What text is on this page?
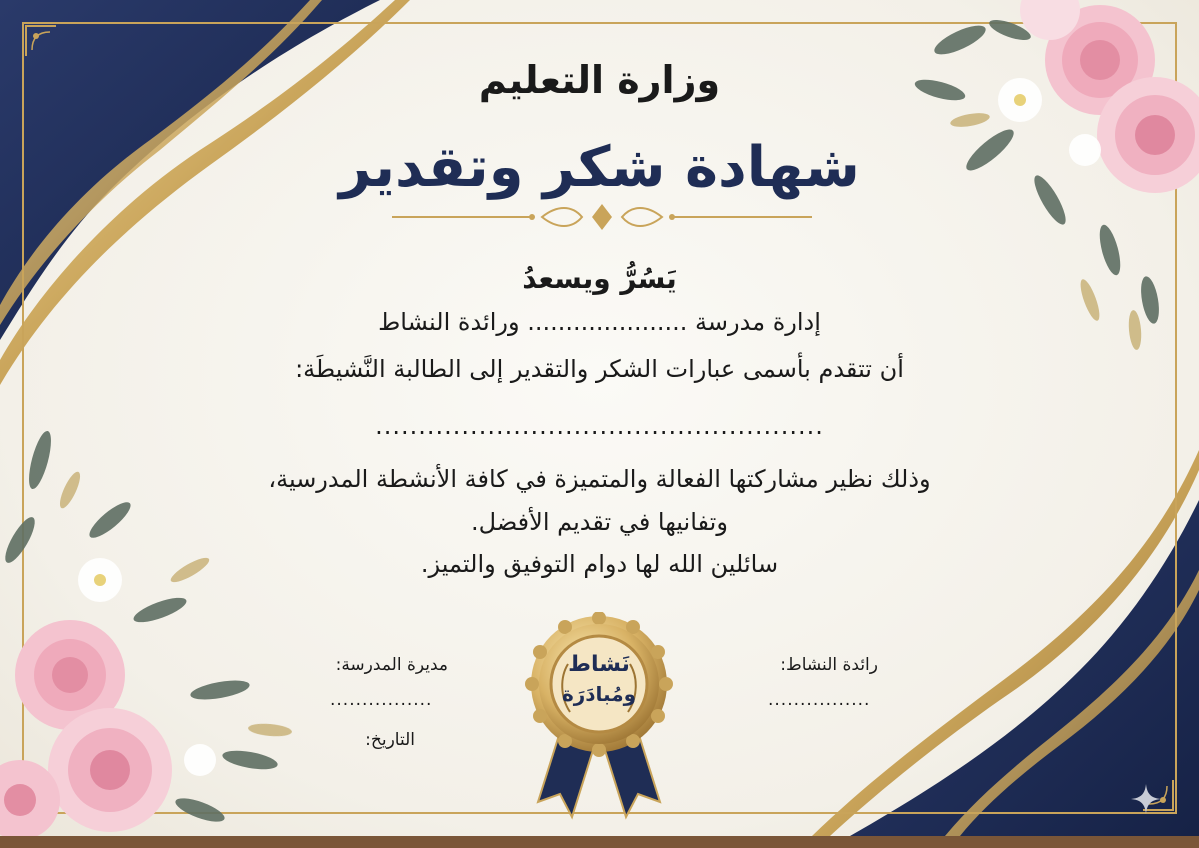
وزارة التعليم
شهادة شكر وتقدير
يَسُرُّ ويسعدُ
إدارة مدرسة ..................... ورائدة النشاط
أن تتقدم بأسمى عبارات الشكر والتقدير إلى الطالبة النَّشيطَة:
....................................................
وذلك نظير مشاركتها الفعالة والمتميزة في كافة الأنشطة المدرسية،
وتفانيها في تقديم الأفضل.
سائلين الله لها دوام التوفيق والتميز.
مديرة المدرسة:
................
التاريخ:
رائدة النشاط:
................
نَشاط
ومُبادَرَة
